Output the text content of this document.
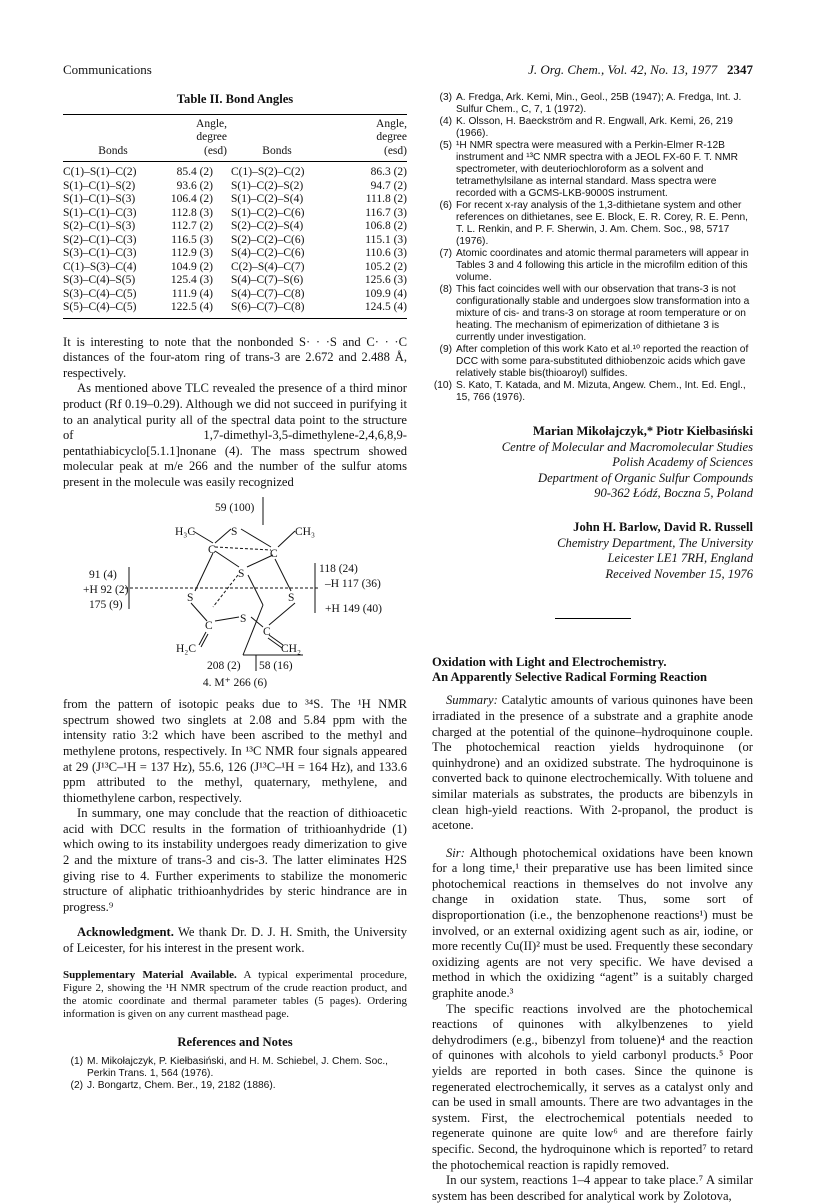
Communications	J. Org. Chem., Vol. 42, No. 13, 1977 2347
Table II. Bond Angles
	Angle,		Angle,
	degree		degree
Bonds	(esd)	Bonds	(esd)

C(1)–S(1)–C(2)	85.4 (2)	C(1)–S(2)–C(2)	86.3 (2)
S(1)–C(1)–S(2)	93.6 (2)	S(1)–C(2)–S(2)	94.7 (2)
S(1)–C(1)–S(3)	106.4 (2)	S(1)–C(2)–S(4)	111.8 (2)
S(1)–C(1)–C(3)	112.8 (3)	S(1)–C(2)–C(6)	116.7 (3)
S(2)–C(1)–S(3)	112.7 (2)	S(2)–C(2)–S(4)	106.8 (2)
S(2)–C(1)–C(3)	116.5 (3)	S(2)–C(2)–C(6)	115.1 (3)
S(3)–C(1)–C(3)	112.9 (3)	S(4)–C(2)–C(6)	110.6 (3)
C(1)–S(3)–C(4)	104.9 (2)	C(2)–S(4)–C(7)	105.2 (2)
S(3)–C(4)–S(5)	125.4 (3)	S(4)–C(7)–S(6)	125.6 (3)
S(3)–C(4)–C(5)	111.9 (4)	S(4)–C(7)–C(8)	109.9 (4)
S(5)–C(4)–C(5)	122.5 (4)	S(6)–C(7)–C(8)	124.5 (4)

It is interesting to note that the nonbonded S· · ·S and C· · ·C distances of the four-atom ring of trans-3 are 2.672 and 2.488 Å, respectively.

As mentioned above TLC revealed the presence of a third minor product (Rf 0.19–0.29). Although we did not succeed in purifying it to an analytical purity all of the spectral data point to the structure of 1,7-dimethyl-3,5-dimethylene-2,4,6,8,9-pentathiabicyclo[5.1.1]nonane (4). The mass spectrum showed molecular peak at m/e 266 and the number of the sulfur atoms present in the molecule was easily recognized

59 (100)
H₃C	CH₃
S
C	C
S
S	S
C	C
S
H₂C	CH₂
91 (4)
+H 92 (2)
175 (9)
118 (24)
–H 117 (36)
+H 149 (40)
208 (2) 58 (16)
4. M⁺ 266 (6)

from the pattern of isotopic peaks due to ³⁴S. The ¹H NMR spectrum showed two singlets at 2.08 and 5.84 ppm with the intensity ratio 3:2 which have been ascribed to the methyl and methylene protons, respectively. In ¹³C NMR four signals appeared at 29 (J¹³C–¹H = 137 Hz), 55.6, 126 (J¹³C–¹H = 164 Hz), and 133.6 ppm attributed to the methyl, quaternary, methylene, and thiomethylene carbon, respectively.

In summary, one may conclude that the reaction of dithioacetic acid with DCC results in the formation of trithioanhydride (1) which owing to its instability undergoes ready dimerization to give 2 and the mixture of trans-3 and cis-3. The latter eliminates H2S giving rise to 4. Further experiments to stabilize the monomeric structure of aliphatic trithioanhydrides by steric hindrance are in progress.⁹

Acknowledgment. We thank Dr. D. J. H. Smith, the University of Leicester, for his interest in the present work.

Supplementary Material Available. A typical experimental procedure, Figure 2, showing the ¹H NMR spectrum of the crude reaction product, and the atomic coordinate and thermal parameter tables (5 pages). Ordering information is given on any current masthead page.
References and Notes
(1) M. Mikołajczyk, P. Kiełbasiński, and H. M. Schiebel, J. Chem. Soc., Perkin Trans. 1, 564 (1976).
(2) J. Bongartz, Chem. Ber., 19, 2182 (1886).
(3) A. Fredga, Ark. Kemi, Min., Geol., 25B (1947); A. Fredga, Int. J. Sulfur Chem., C, 7, 1 (1972).
(4) K. Olsson, H. Baeckström and R. Engwall, Ark. Kemi, 26, 219 (1966).
(5) ¹H NMR spectra were measured with a Perkin-Elmer R-12B instrument and ¹³C NMR spectra with a JEOL FX-60 F. T. NMR spectrometer, with deuteriochloroform as a solvent and tetramethylsilane as internal standard. Mass spectra were recorded with a GCMS-LKB-9000S instrument.
(6) For recent x-ray analysis of the 1,3-dithietane system and other references on dithietanes, see E. Block, E. R. Corey, R. E. Penn, T. L. Renkin, and P. F. Sherwin, J. Am. Chem. Soc., 98, 5717 (1976).
(7) Atomic coordinates and atomic thermal parameters will appear in Tables 3 and 4 following this article in the microfilm edition of this volume.
(8) This fact coincides well with our observation that trans-3 is not configurationally stable and undergoes slow transformation into a mixture of cis- and trans-3 on storage at room temperature or on heating. The mechanism of epimerization of dithietane 3 is currently under investigation.
(9) After completion of this work Kato et al.¹⁰ reported the reaction of DCC with some para-substituted dithiobenzoic acids which gave relatively stable bis(thioaroyl) sulfides.
(10) S. Kato, T. Katada, and M. Mizuta, Angew. Chem., Int. Ed. Engl., 15, 766 (1976).
Marian Mikołajczyk,* Piotr Kiełbasiński
Centre of Molecular and Macromolecular Studies
Polish Academy of Sciences
Department of Organic Sulfur Compounds
90-362 Łódź, Boczna 5, Poland
John H. Barlow, David R. Russell
Chemistry Department, The University
Leicester LE1 7RH, England
Received November 15, 1976
Oxidation with Light and Electrochemistry.
An Apparently Selective Radical Forming Reaction

Summary: Catalytic amounts of various quinones have been irradiated in the presence of a substrate and a graphite anode charged at the potential of the quinone–hydroquinone couple. The photochemical reaction yields hydroquinone (or quinhydrone) and an oxidized substrate. The hydroquinone is converted back to quinone electrochemically. With toluene and similar materials as substrates, the products are bibenzyls in clean high-yield reactions. With 2-propanol, the product is acetone.

Sir: Although photochemical oxidations have been known for a long time,¹ their preparative use has been limited since photochemical reactions in themselves do not involve any change in oxidation state. Thus, some sort of disproportionation (i.e., the benzophenone reactions¹) must be involved, or an external oxidizing agent such as air, iodine, or more recently Cu(II)² must be used. Frequently these secondary oxidizing agents are not very specific. We have devised a method in which the oxidizing “agent” is a suitably charged graphite anode.³

The specific reactions involved are the photochemical reactions of quinones with alkylbenzenes to yield dehydrodimers (e.g., bibenzyl from toluene)⁴ and the reaction of quinones with alcohols to yield carbonyl products.⁵ Poor yields are reported in both cases. Since the quinone is regenerated electrochemically, it serves as a catalyst only and can be used in small amounts. There are two advantages in the system. First, the electrochemical potentials needed to regenerate quinone are quite low⁶ and are therefore fairly specific. Second, the hydroquinone which is reported⁷ to retard the photochemical reaction is rapidly removed.

In our system, reactions 1–4 appear to take place.⁷ A similar system has been described for analytical work by Zolotova,
